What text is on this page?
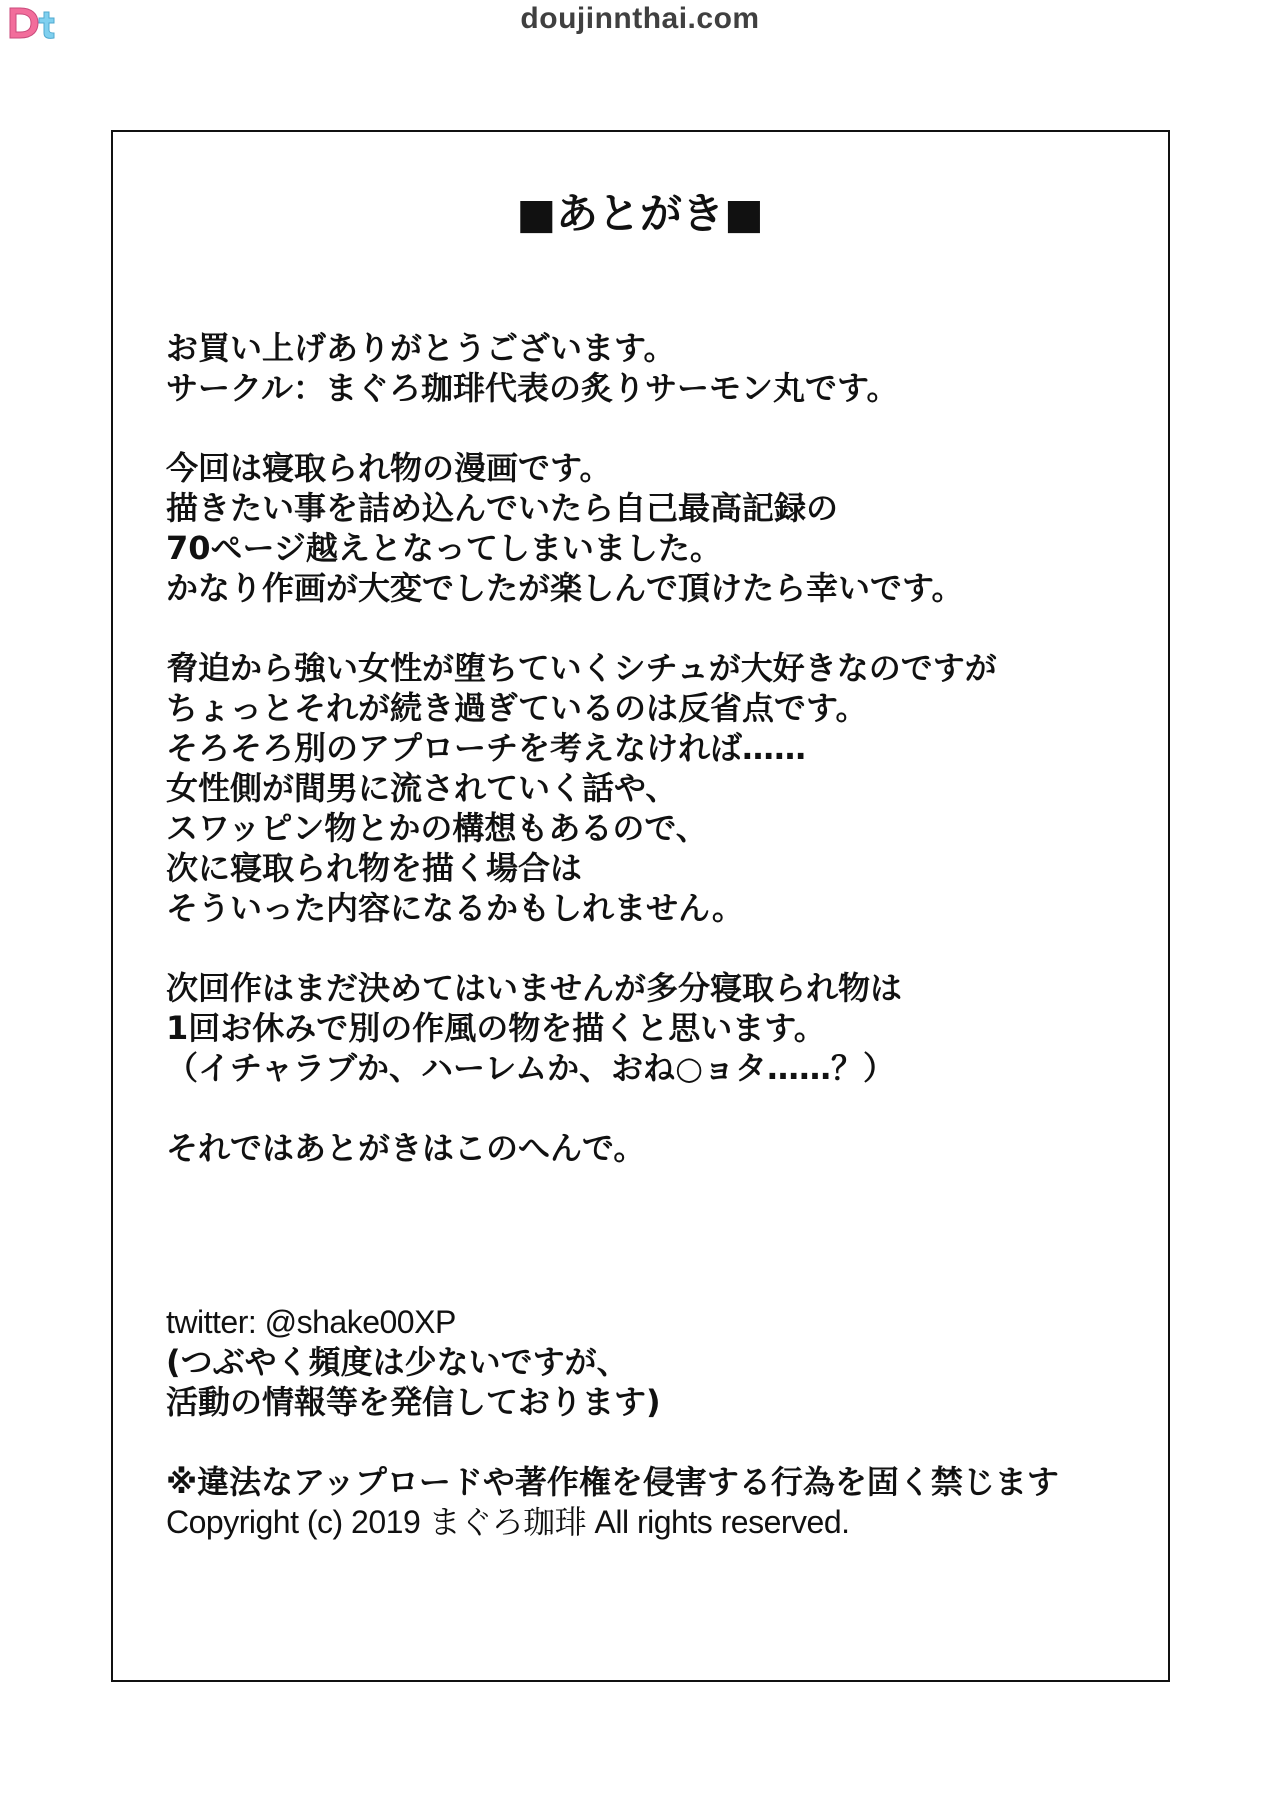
doujinnthai.com
■あとがき■
お買い上げありがとうございます。
サークル：まぐろ珈琲代表の炙りサーモン丸です。
今回は寝取られ物の漫画です。
描きたい事を詰め込んでいたら自己最高記録の
70ページ越えとなってしまいました。
かなり作画が大変でしたが楽しんで頂けたら幸いです。
脅迫から強い女性が堕ちていくシチュが大好きなのですが
ちょっとそれが続き過ぎているのは反省点です。
そろそろ別のアプローチを考えなければ……
女性側が間男に流されていく話や、
スワッピン物とかの構想もあるので、
次に寝取られ物を描く場合は
そういった内容になるかもしれません。
次回作はまだ決めてはいませんが多分寝取られ物は
1回お休みで別の作風の物を描くと思います。
（イチャラブか、ハーレムか、おね○ョタ……？）
それではあとがきはこのへんで。
twitter: @shake00XP
(つぶやく頻度は少ないですが、
活動の情報等を発信しております)
※違法なアップロードや著作権を侵害する行為を固く禁じます
Copyright (c) 2019 まぐろ珈琲 All rights reserved.
